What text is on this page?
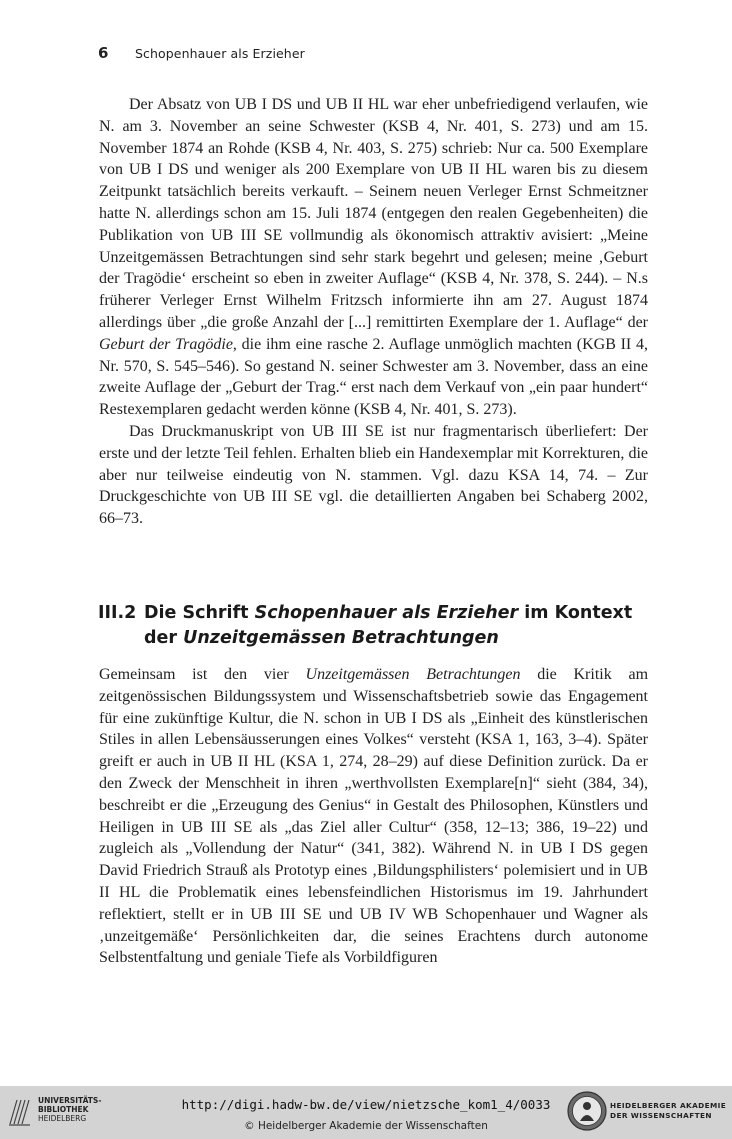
6	Schopenhauer als Erzieher

Der Absatz von UB I DS und UB II HL war eher unbefriedigend verlaufen, wie N. am 3. November an seine Schwester (KSB 4, Nr. 401, S. 273) und am 15. November 1874 an Rohde (KSB 4, Nr. 403, S. 275) schrieb: Nur ca. 500 Exemplare von UB I DS und weniger als 200 Exemplare von UB II HL waren bis zu diesem Zeitpunkt tatsächlich bereits verkauft. – Seinem neuen Verleger Ernst Schmeitzner hatte N. allerdings schon am 15. Juli 1874 (entgegen den realen Gegebenheiten) die Publikation von UB III SE vollmundig als ökonomisch attraktiv avisiert: „Meine Unzeitgemässen Betrachtungen sind sehr stark begehrt und gelesen; meine ‚Geburt der Tragödie‘ erscheint so eben in zweiter Auflage“ (KSB 4, Nr. 378, S. 244). – N.s früherer Verleger Ernst Wilhelm Fritzsch informierte ihn am 27. August 1874 allerdings über „die große Anzahl der [...] remittirten Exemplare der 1. Auflage“ der Geburt der Tragödie, die ihm eine rasche 2. Auflage unmöglich machten (KGB II 4, Nr. 570, S. 545–546). So gestand N. seiner Schwester am 3. November, dass an eine zweite Auflage der „Geburt der Trag.“ erst nach dem Verkauf von „ein paar hundert“ Restexemplaren gedacht werden könne (KSB 4, Nr. 401, S. 273).

Das Druckmanuskript von UB III SE ist nur fragmentarisch überliefert: Der erste und der letzte Teil fehlen. Erhalten blieb ein Handexemplar mit Korrekturen, die aber nur teilweise eindeutig von N. stammen. Vgl. dazu KSA 14, 74. – Zur Druckgeschichte von UB III SE vgl. die detaillierten Angaben bei Schaberg 2002, 66–73.

III.2 Die Schrift Schopenhauer als Erzieher im Kontext
der Unzeitgemässen Betrachtungen

Gemeinsam ist den vier Unzeitgemässen Betrachtungen die Kritik am zeitgenössischen Bildungssystem und Wissenschaftsbetrieb sowie das Engagement für eine zukünftige Kultur, die N. schon in UB I DS als „Einheit des künstlerischen Stiles in allen Lebensäusserungen eines Volkes“ versteht (KSA 1, 163, 3–4). Später greift er auch in UB II HL (KSA 1, 274, 28–29) auf diese Definition zurück. Da er den Zweck der Menschheit in ihren „werthvollsten Exemplare[n]“ sieht (384, 34), beschreibt er die „Erzeugung des Genius“ in Gestalt des Philosophen, Künstlers und Heiligen in UB III SE als „das Ziel aller Cultur“ (358, 12–13; 386, 19–22) und zugleich als „Vollendung der Natur“ (341, 382). Während N. in UB I DS gegen David Friedrich Strauß als Prototyp eines ‚Bildungsphilisters‘ polemisiert und in UB II HL die Problematik eines lebensfeindlichen Historismus im 19. Jahrhundert reflektiert, stellt er in UB III SE und UB IV WB Schopenhauer und Wagner als ‚unzeitgemäße‘ Persönlichkeiten dar, die seines Erachtens durch autonome Selbstentfaltung und geniale Tiefe als Vorbildfiguren

UNIVERSITÄTS-
BIBLIOTHEK
HEIDELBERG
http://digi.hadw-bw.de/view/nietzsche_kom1_4/0033
© Heidelberger Akademie der Wissenschaften
HEIDELBERGER AKADEMIE
DER WISSENSCHAFTEN
